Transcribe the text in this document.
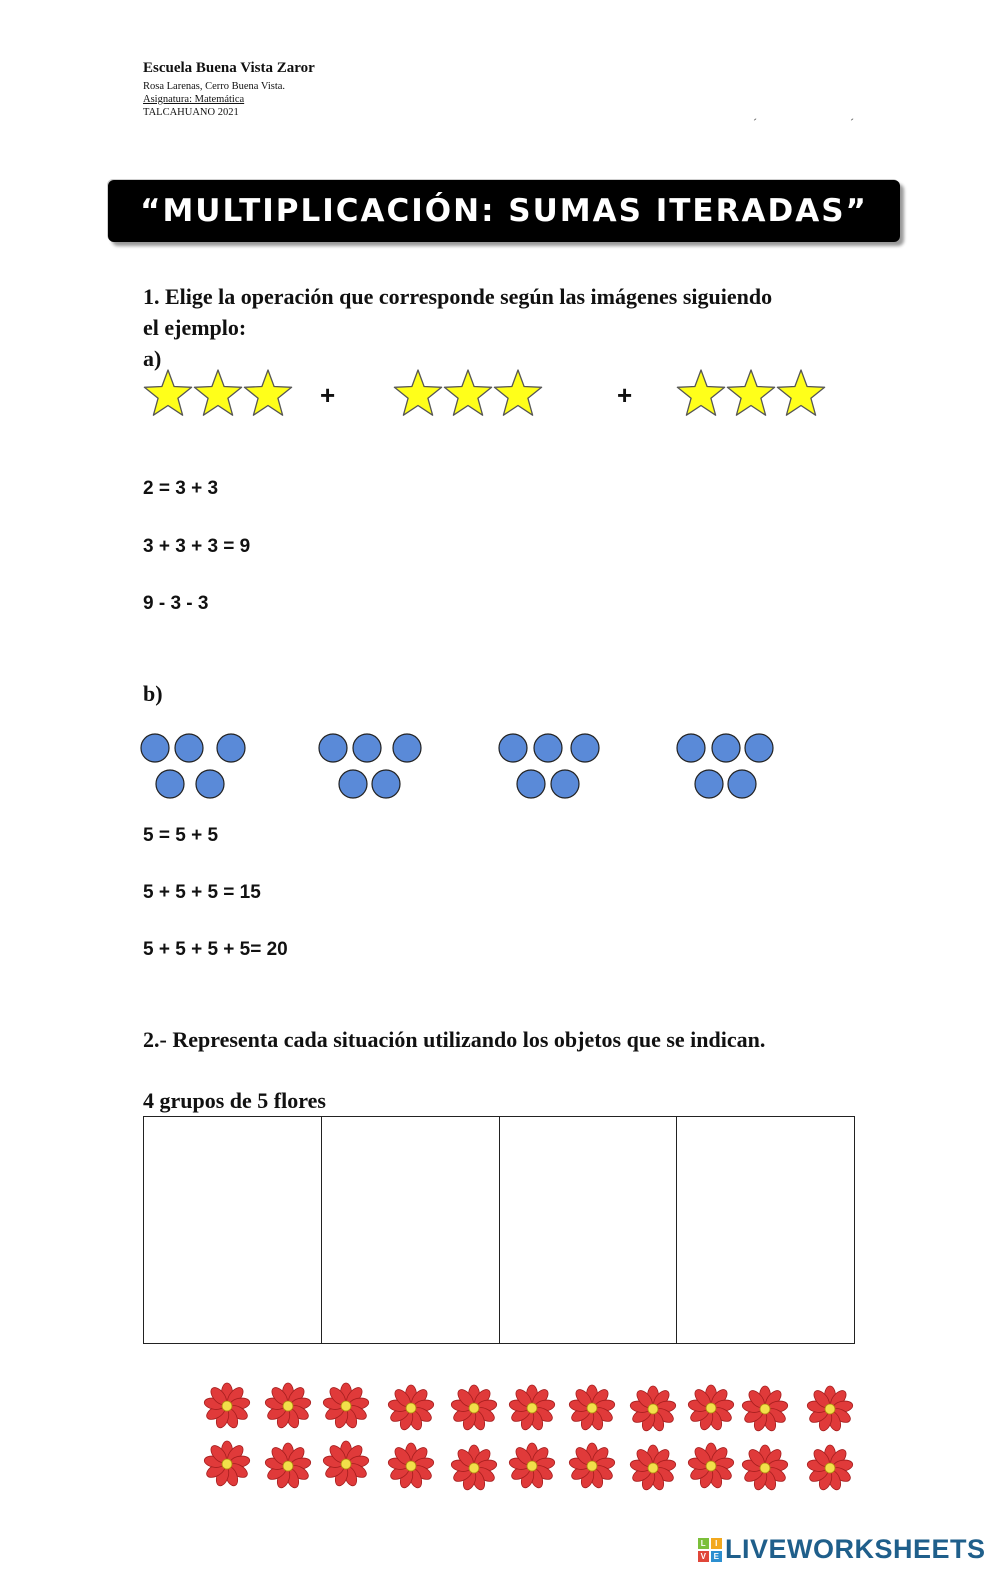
Escuela Buena Vista Zaror
Rosa Larenas, Cerro Buena Vista.
Asignatura: Matemática
TALCAHUANO 2021
´	´
“MULTIPLICACIÓN: SUMAS ITERADAS”
1. Elige la operación que corresponde según las imágenes siguiendo
el ejemplo:
a)
+	+
2 = 3 + 3
3 + 3 + 3 = 9
9 - 3 - 3
b)
5 = 5 + 5
5 + 5 + 5 = 15
5 + 5 + 5 + 5= 20
2.- Representa cada situación utilizando los objetos que se indican.
4 grupos de 5 flores
L	I
V E LIVEWORKSHEETS
